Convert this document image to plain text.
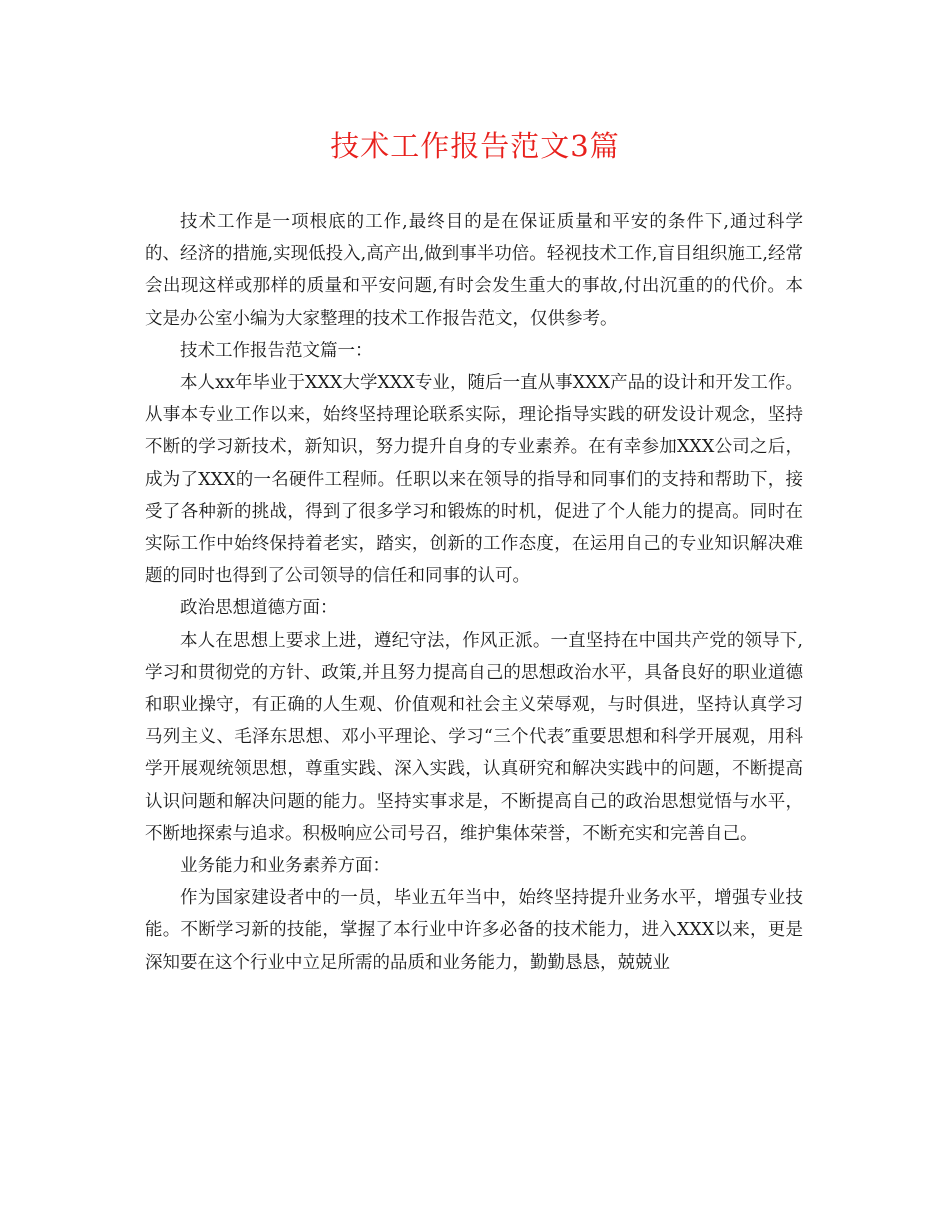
技术工作报告范文3篇

技术工作是一项根底的工作,最终目的是在保证质量和平安的条件下,通过科学的、经济的措施,实现低投入,高产出,做到事半功倍。轻视技术工作,盲目组织施工,经常会出现这样或那样的质量和平安问题,有时会发生重大的事故,付出沉重的的代价。本文是办公室小编为大家整理的技术工作报告范文，仅供参考。

技术工作报告范文篇一：

本人xx年毕业于XXX大学XXX专业，随后一直从事XXX产品的设计和开发工作。从事本专业工作以来，始终坚持理论联系实际，理论指导实践的研发设计观念，坚持不断的学习新技术，新知识，努力提升自身的专业素养。在有幸参加XXX公司之后，成为了XXX的一名硬件工程师。任职以来在领导的指导和同事们的支持和帮助下，接受了各种新的挑战，得到了很多学习和锻炼的时机，促进了个人能力的提高。同时在实际工作中始终保持着老实，踏实，创新的工作态度，在运用自己的专业知识解决难题的同时也得到了公司领导的信任和同事的认可。

政治思想道德方面：

本人在思想上要求上进，遵纪守法，作风正派。一直坚持在中国共产党的领导下,学习和贯彻党的方针、政策,并且努力提高自己的思想政治水平，具备良好的职业道德和职业操守，有正确的人生观、价值观和社会主义荣辱观，与时俱进，坚持认真学习马列主义、毛泽东思想、邓小平理论、学习“三个代表″重要思想和科学开展观，用科学开展观统领思想，尊重实践、深入实践，认真研究和解决实践中的问题，不断提高认识问题和解决问题的能力。坚持实事求是，不断提高自己的政治思想觉悟与水平，不断地探索与追求。积极响应公司号召，维护集体荣誉，不断充实和完善自己。

业务能力和业务素养方面：

作为国家建设者中的一员，毕业五年当中，始终坚持提升业务水平，增强专业技能。不断学习新的技能，掌握了本行业中许多必备的技术能力，进入XXX以来，更是深知要在这个行业中立足所需的品质和业务能力，勤勤恳恳，兢兢业
